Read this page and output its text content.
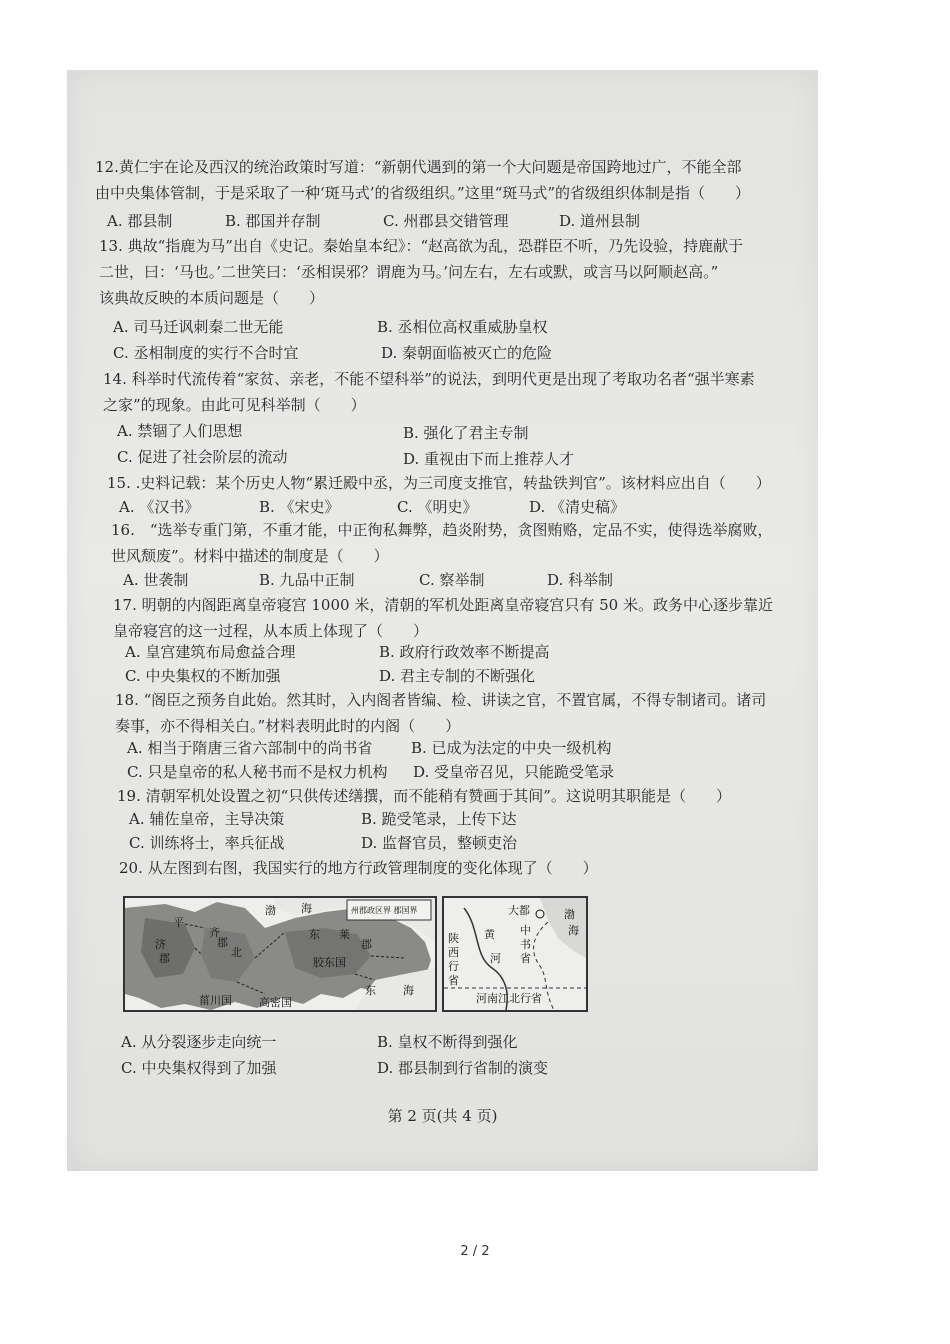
12.黄仁宇在论及西汉的统治政策时写道：“新朝代遇到的第一个大问题是帝国跨地过广，不能全部
由中央集体管制，于是采取了一种‘斑马式’的省级组织。”这里“斑马式”的省级组织体制是指（　　）
A. 郡县制	B. 郡国并存制	C. 州郡县交错管理	D. 道州县制
13. 典故“指鹿为马”出自《史记。秦始皇本纪》：“赵高欲为乱，恐群臣不听，乃先设验，持鹿献于
二世，曰：‘马也。’二世笑曰：‘丞相误邪？谓鹿为马。’问左右，左右或默，或言马以阿顺赵高。”
该典故反映的本质问题是（　　）
A. 司马迁讽刺秦二世无能	B. 丞相位高权重威胁皇权
C. 丞相制度的实行不合时宜	D. 秦朝面临被灭亡的危险
14. 科举时代流传着“家贫、亲老，不能不望科举”的说法，到明代更是出现了考取功名者“强半寒素
之家”的现象。由此可见科举制（　　）
A. 禁锢了人们思想	B. 强化了君主专制
C. 促进了社会阶层的流动	D. 重视由下而上推荐人才
15. .史料记载：某个历史人物“累迁殿中丞，为三司度支推官，转盐铁判官”。该材料应出自（　　）
A. 《汉书》	B. 《宋史》	C. 《明史》	D. 《清史稿》
16.　“选举专重门第，不重才能，中正徇私舞弊，趋炎附势，贪图贿赂，定品不实，使得选举腐败，
世风颓废”。材料中描述的制度是（　　）
A. 世袭制	B. 九品中正制	C. 察举制	D. 科举制
17. 明朝的内阁距离皇帝寝宫 1000 米，清朝的军机处距离皇帝寝宫只有 50 米。政务中心逐步靠近
皇帝寝宫的这一过程，从本质上体现了（　　）
A. 皇宫建筑布局愈益合理	B. 政府行政效率不断提高
C. 中央集权的不断加强	D. 君主专制的不断强化
18. “阁臣之预务自此始。然其时，入内阁者皆编、检、讲读之官，不置官属，不得专制诸司。诸司
奏事，亦不得相关白。”材料表明此时的内阁（　　）
A. 相当于隋唐三省六部制中的尚书省	B. 已成为法定的中央一级机构
C. 只是皇帝的私人秘书而不是权力机构 D. 受皇帝召见，只能跪受笔录
19. 清朝军机处设置之初“只供传述缮撰，而不能稍有赞画于其间”。这说明其职能是（　　）
A. 辅佐皇帝，主导决策	B. 跪受笔录，上传下达
C. 训练将士，率兵征战	D. 监督官员，整顿吏治
20. 从左图到右图，我国实行的地方行政管理制度的变化体现了（　　）
渤 海
东 海
平
济
北
齐
郡
郡
东 莱
郡
胶东国
菑川国 高密国
州郡政区界 郡国界	大都	渤
海
黄 中
书
省
陕
西
行
省
河
河南江北行省
A. 从分裂逐步走向统一	B. 皇权不断得到强化
C. 中央集权得到了加强	D. 郡县制到行省制的演变
第 2 页(共 4 页)
2 / 2
